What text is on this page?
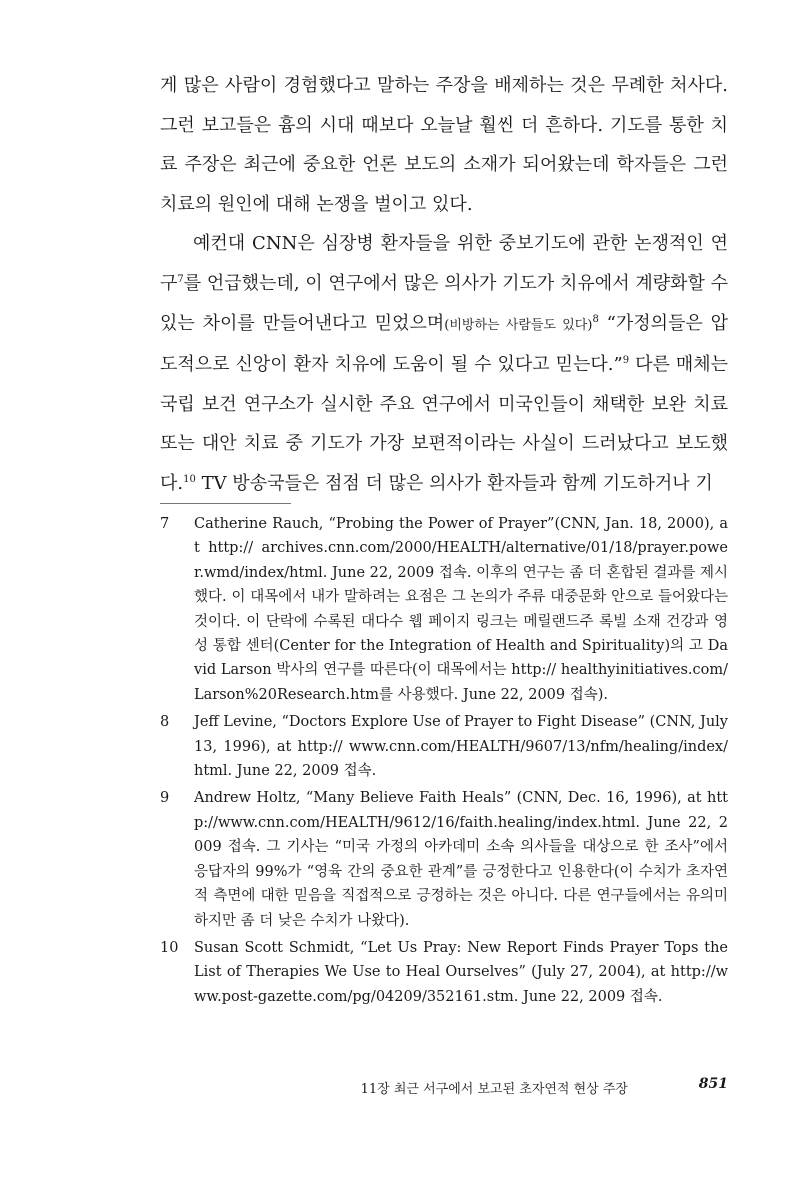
게 많은 사람이 경험했다고 말하는 주장을 배제하는 것은 무례한 처사다. 그런 보고들은 흄의 시대 때보다 오늘날 훨씬 더 흔하다. 기도를 통한 치료 주장은 최근에 중요한 언론 보도의 소재가 되어왔는데 학자들은 그런 치료의 원인에 대해 논쟁을 벌이고 있다.

예컨대 CNN은 심장병 환자들을 위한 중보기도에 관한 논쟁적인 연구$^7$를 언급했는데, 이 연구에서 많은 의사가 기도가 치유에서 계량화할 수 있는 차이를 만들어낸다고 믿었으며(비방하는 사람들도 있다)$^8$ “가정의들은 압도적으로 신앙이 환자 치유에 도움이 될 수 있다고 믿는다.”$^9$ 다른 매체는 국립 보건 연구소가 실시한 주요 연구에서 미국인들이 채택한 보완 치료 또는 대안 치료 중 기도가 가장 보편적이라는 사실이 드러났다고 보도했다.$^{10}$ TV 방송국들은 점점 더 많은 의사가 환자들과 함께 기도하거나 기

7	Catherine Rauch, “Probing the Power of Prayer”(CNN, Jan. 18, 2000), at http:// archives.cnn.com/2000/HEALTH/alternative/01/18/prayer.power.wmd/index/html. June 22, 2009 접속. 이후의 연구는 좀 더 혼합된 결과를 제시했다. 이 대목에서 내가 말하려는 요점은 그 논의가 주류 대중문화 안으로 들어왔다는 것이다. 이 단락에 수록된 대다수 웹 페이지 링크는 메릴랜드주 록빌 소재 건강과 영성 통합 센터(Center for the Integration of Health and Spirituality)의 고 David Larson 박사의 연구를 따른다(이 대목에서는 http:// healthyinitiatives.com/Larson%20Research.htm를 사용했다. June 22, 2009 접속).
8	Jeff Levine, “Doctors Explore Use of Prayer to Fight Disease” (CNN, July 13, 1996), at http:// www.cnn.com/HEALTH/9607/13/nfm/healing/index/html. June 22, 2009 접속.
9	Andrew Holtz, “Many Believe Faith Heals” (CNN, Dec. 16, 1996), at http://www.cnn.com/HEALTH/9612/16/faith.healing/index.html. June 22, 2009 접속. 그 기사는 “미국 가정의 아카데미 소속 의사들을 대상으로 한 조사”에서 응답자의 99%가 “영육 간의 중요한 관계”를 긍정한다고 인용한다(이 수치가 초자연적 측면에 대한 믿음을 직접적으로 긍정하는 것은 아니다. 다른 연구들에서는 유의미하지만 좀 더 낮은 수치가 나왔다).
10	Susan Scott Schmidt, “Let Us Pray: New Report Finds Prayer Tops the List of Therapies We Use to Heal Ourselves” (July 27, 2004), at http://www.post-gazette.com/pg/04209/352161.stm. June 22, 2009 접속.
11장 최근 서구에서 보고된 초자연적 현상 주장	851
